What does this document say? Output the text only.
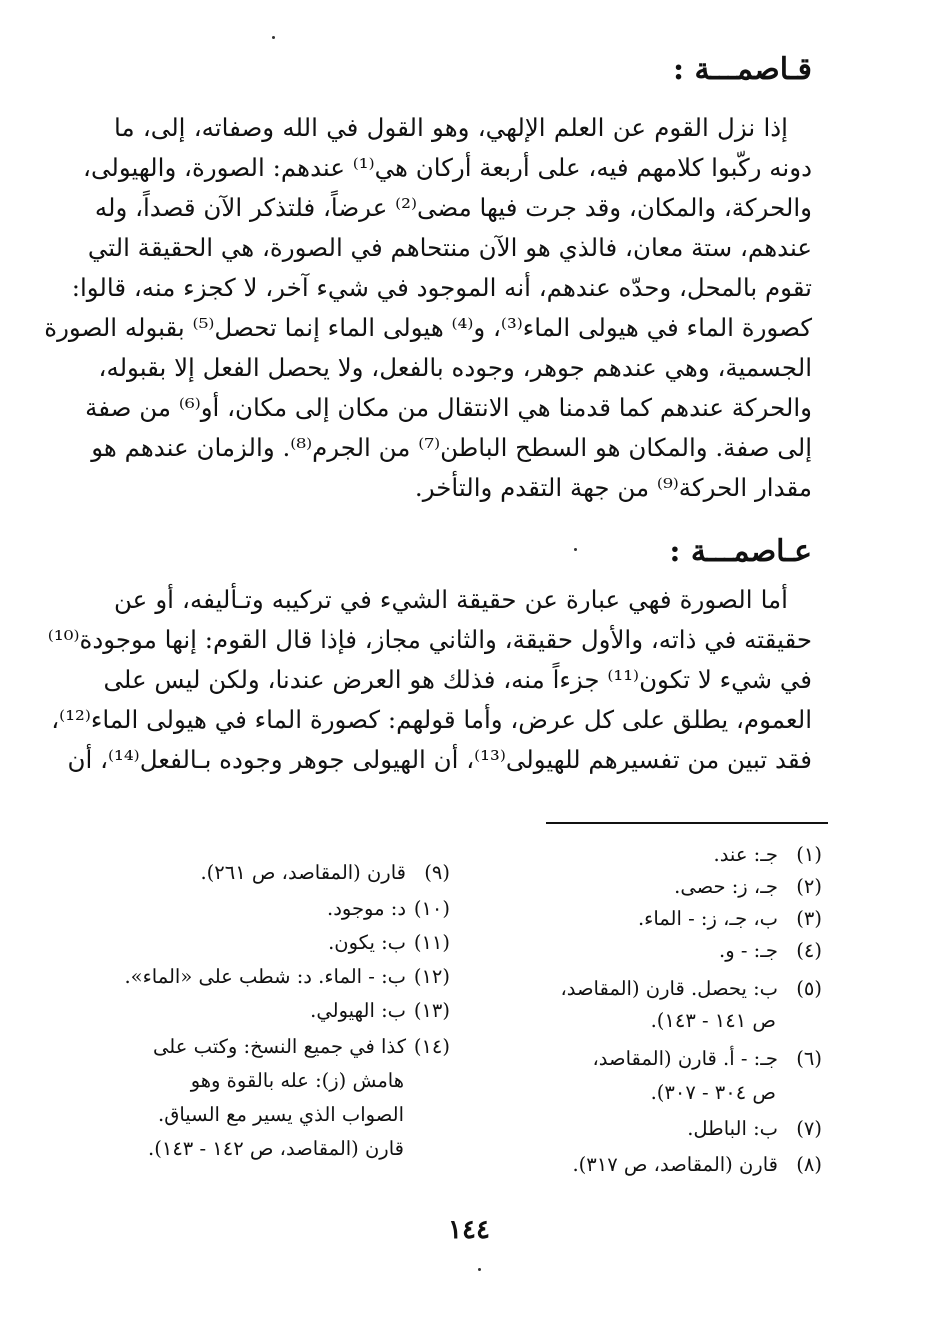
قـاصمـــة :
إذا نزل القوم عن العلم الإلهي، وهو القول في الله وصفاته، إلى، ما
دونه ركّبوا كلامهم فيه، على أربعة أركان هي⁽¹⁾ عندهم: الصورة، والهيولى،
والحركة، والمكان، وقد جرت فيها مضى⁽²⁾ عرضاً، فلتذكر الآن قصداً، وله
عندهم، ستة معان، فالذي هو الآن منتحاهم في الصورة، هي الحقيقة التي
تقوم بالمحل، وحدّه عندهم، أنه الموجود في شيء آخر، لا كجزء منه، قالوا:
كصورة الماء في هيولى الماء⁽³⁾، و⁽⁴⁾ هيولى الماء إنما تحصل⁽⁵⁾ بقبوله الصورة
الجسمية، وهي عندهم جوهر، وجوده بالفعل، ولا يحصل الفعل إلا بقبوله،
والحركة عندهم كما قدمنا هي الانتقال من مكان إلى مكان، أو⁽⁶⁾ من صفة
إلى صفة. والمكان هو السطح الباطن⁽⁷⁾ من الجرم⁽⁸⁾. والزمان عندهم هو
مقدار الحركة⁽⁹⁾ من جهة التقدم والتأخر.
عـاصمـــة :
أما الصورة فهي عبارة عن حقيقة الشيء في تركيبه وتـأليفه، أو عن
حقيقته في ذاته، والأول حقيقة، والثاني مجاز، فإذا قال القوم: إنها موجودة⁽¹⁰⁾
في شيء لا تكون⁽¹¹⁾ جزءاً منه، فذلك هو العرض عندنا، ولكن ليس على
العموم، يطلق على كل عرض، وأما قولهم: كصورة الماء في هيولى الماء⁽¹²⁾،
فقد تبين من تفسيرهم للهيولى⁽¹³⁾، أن الهيولى جوهر وجوده بـالفعل⁽¹⁴⁾، أن
(١)جـ: عند.
(٢)جـ، ز: حصى.
(٣)ب، جـ، ز: - الماء.
(٤)جـ: - و.
(٥)ب: يحصل. قارن (المقاصد،
ص ١٤١ - ١٤٣).
(٦)جـ: - أ. قارن (المقاصد،
ص ٣٠٤ - ٣٠٧).
(٧)ب: الباطل.
(٨)قارن (المقاصد، ص ٣١٧).
(٩)قارن (المقاصد، ص ٢٦١).
(١٠)د: موجود.
(١١)ب: يكون.
(١٢)ب: - الماء. د: شطب على «الماء».
(١٣)ب: الهيولي.
(١٤)كذا في جميع النسخ: وكتب على
هامش (ز): عله بالقوة وهو
الصواب الذي يسير مع السياق.
قارن (المقاصد، ص ١٤٢ - ١٤٣).
١٤٤
